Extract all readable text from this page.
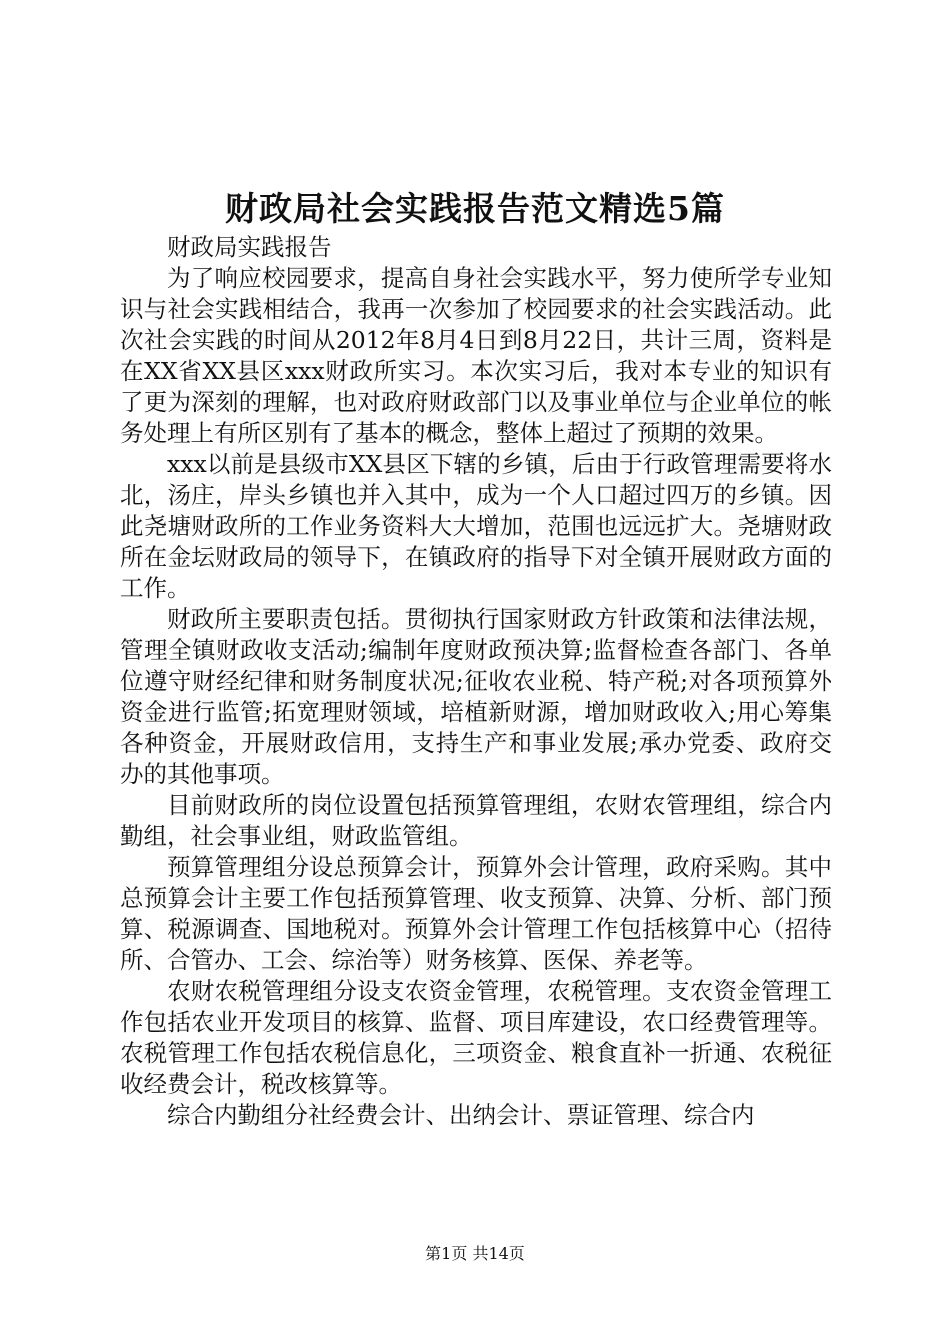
财政局社会实践报告范文精选5篇

财政局实践报告

为了响应校园要求，提高自身社会实践水平，努力使所学专业知识与社会实践相结合，我再一次参加了校园要求的社会实践活动。此次社会实践的时间从2012年8月4日到8月22日，共计三周，资料是在XX省XX县区xxx财政所实习。本次实习后，我对本专业的知识有了更为深刻的理解，也对政府财政部门以及事业单位与企业单位的帐务处理上有所区别有了基本的概念，整体上超过了预期的效果。

xxx以前是县级市XX县区下辖的乡镇，后由于行政管理需要将水北，汤庄，岸头乡镇也并入其中，成为一个人口超过四万的乡镇。因此尧塘财政所的工作业务资料大大增加，范围也远远扩大。尧塘财政所在金坛财政局的领导下，在镇政府的指导下对全镇开展财政方面的工作。

财政所主要职责包括。贯彻执行国家财政方针政策和法律法规，管理全镇财政收支活动;编制年度财政预决算;监督检查各部门、各单位遵守财经纪律和财务制度状况;征收农业税、特产税;对各项预算外资金进行监管;拓宽理财领域，培植新财源，增加财政收入;用心筹集各种资金，开展财政信用，支持生产和事业发展;承办党委、政府交办的其他事项。

目前财政所的岗位设置包括预算管理组，农财农管理组，综合内勤组，社会事业组，财政监管组。

预算管理组分设总预算会计，预算外会计管理，政府采购。其中总预算会计主要工作包括预算管理、收支预算、决算、分析、部门预算、税源调查、国地税对。预算外会计管理工作包括核算中心（招待所、合管办、工会、综治等）财务核算、医保、养老等。

农财农税管理组分设支农资金管理，农税管理。支农资金管理工作包括农业开发项目的核算、监督、项目库建设，农口经费管理等。农税管理工作包括农税信息化，三项资金、粮食直补一折通、农税征收经费会计，税改核算等。

综合内勤组分社经费会计、出纳会计、票证管理、综合内

第1页 共14页
